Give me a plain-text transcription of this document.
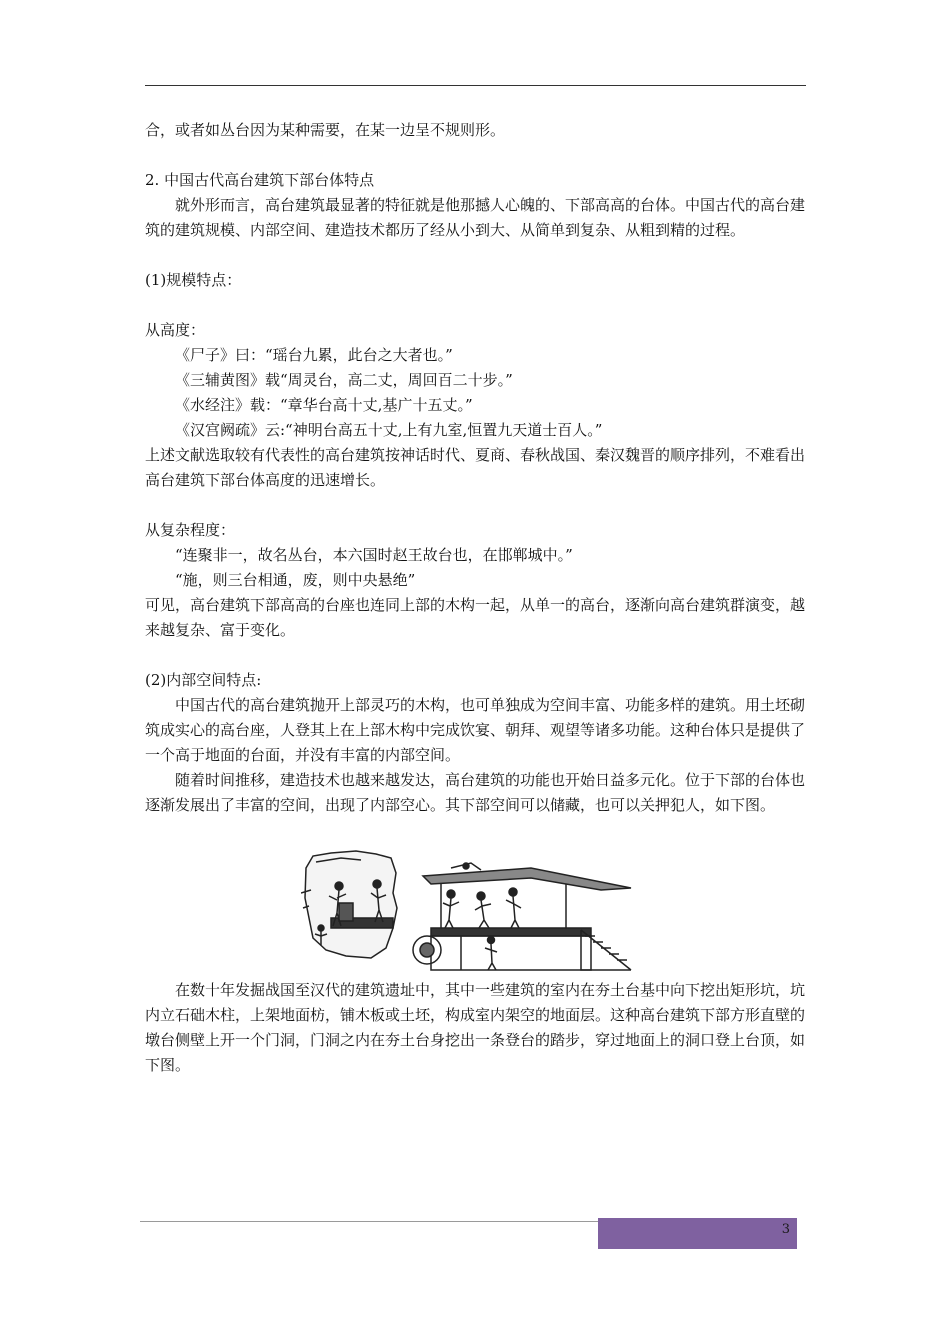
合，或者如丛台因为某种需要，在某一边呈不规则形。

2. 中国古代高台建筑下部台体特点

就外形而言，高台建筑最显著的特征就是他那撼人心魄的、下部高高的台体。中国古代的高台建筑的建筑规模、内部空间、建造技术都历了经从小到大、从简单到复杂、从粗到精的过程。

(1)规模特点：

从高度：

《尸子》曰：“瑶台九累，此台之大者也。”

《三辅黄图》载“周灵台，高二丈，周回百二十步。”

《水经注》载：“章华台高十丈,基广十五丈。”

《汉宫阙疏》云:“神明台高五十丈,上有九室,恒置九天道士百人。”

上述文献选取较有代表性的高台建筑按神话时代、夏商、春秋战国、秦汉魏晋的顺序排列，不难看出高台建筑下部台体高度的迅速增长。

从复杂程度：

“连聚非一，故名丛台，本六国时赵王故台也，在邯郸城中。”

“施，则三台相通，废，则中央悬绝”

可见，高台建筑下部高高的台座也连同上部的木构一起，从单一的高台，逐渐向高台建筑群演变，越来越复杂、富于变化。

(2)内部空间特点:

中国古代的高台建筑抛开上部灵巧的木构，也可单独成为空间丰富、功能多样的建筑。用土坯砌筑成实心的高台座，人登其上在上部木构中完成饮宴、朝拜、观望等诸多功能。这种台体只是提供了一个高于地面的台面，并没有丰富的内部空间。

随着时间推移，建造技术也越来越发达，高台建筑的功能也开始日益多元化。位于下部的台体也逐渐发展出了丰富的空间，出现了内部空心。其下部空间可以储藏，也可以关押犯人，如下图。

在数十年发掘战国至汉代的建筑遗址中，其中一些建筑的室内在夯土台基中向下挖出矩形坑，坑内立石础木柱，上架地面枋，铺木板或土坯，构成室内架空的地面层。这种高台建筑下部方形直壁的墩台侧壁上开一个门洞，门洞之内在夯土台身挖出一条登台的踏步，穿过地面上的洞口登上台顶，如下图。

3
